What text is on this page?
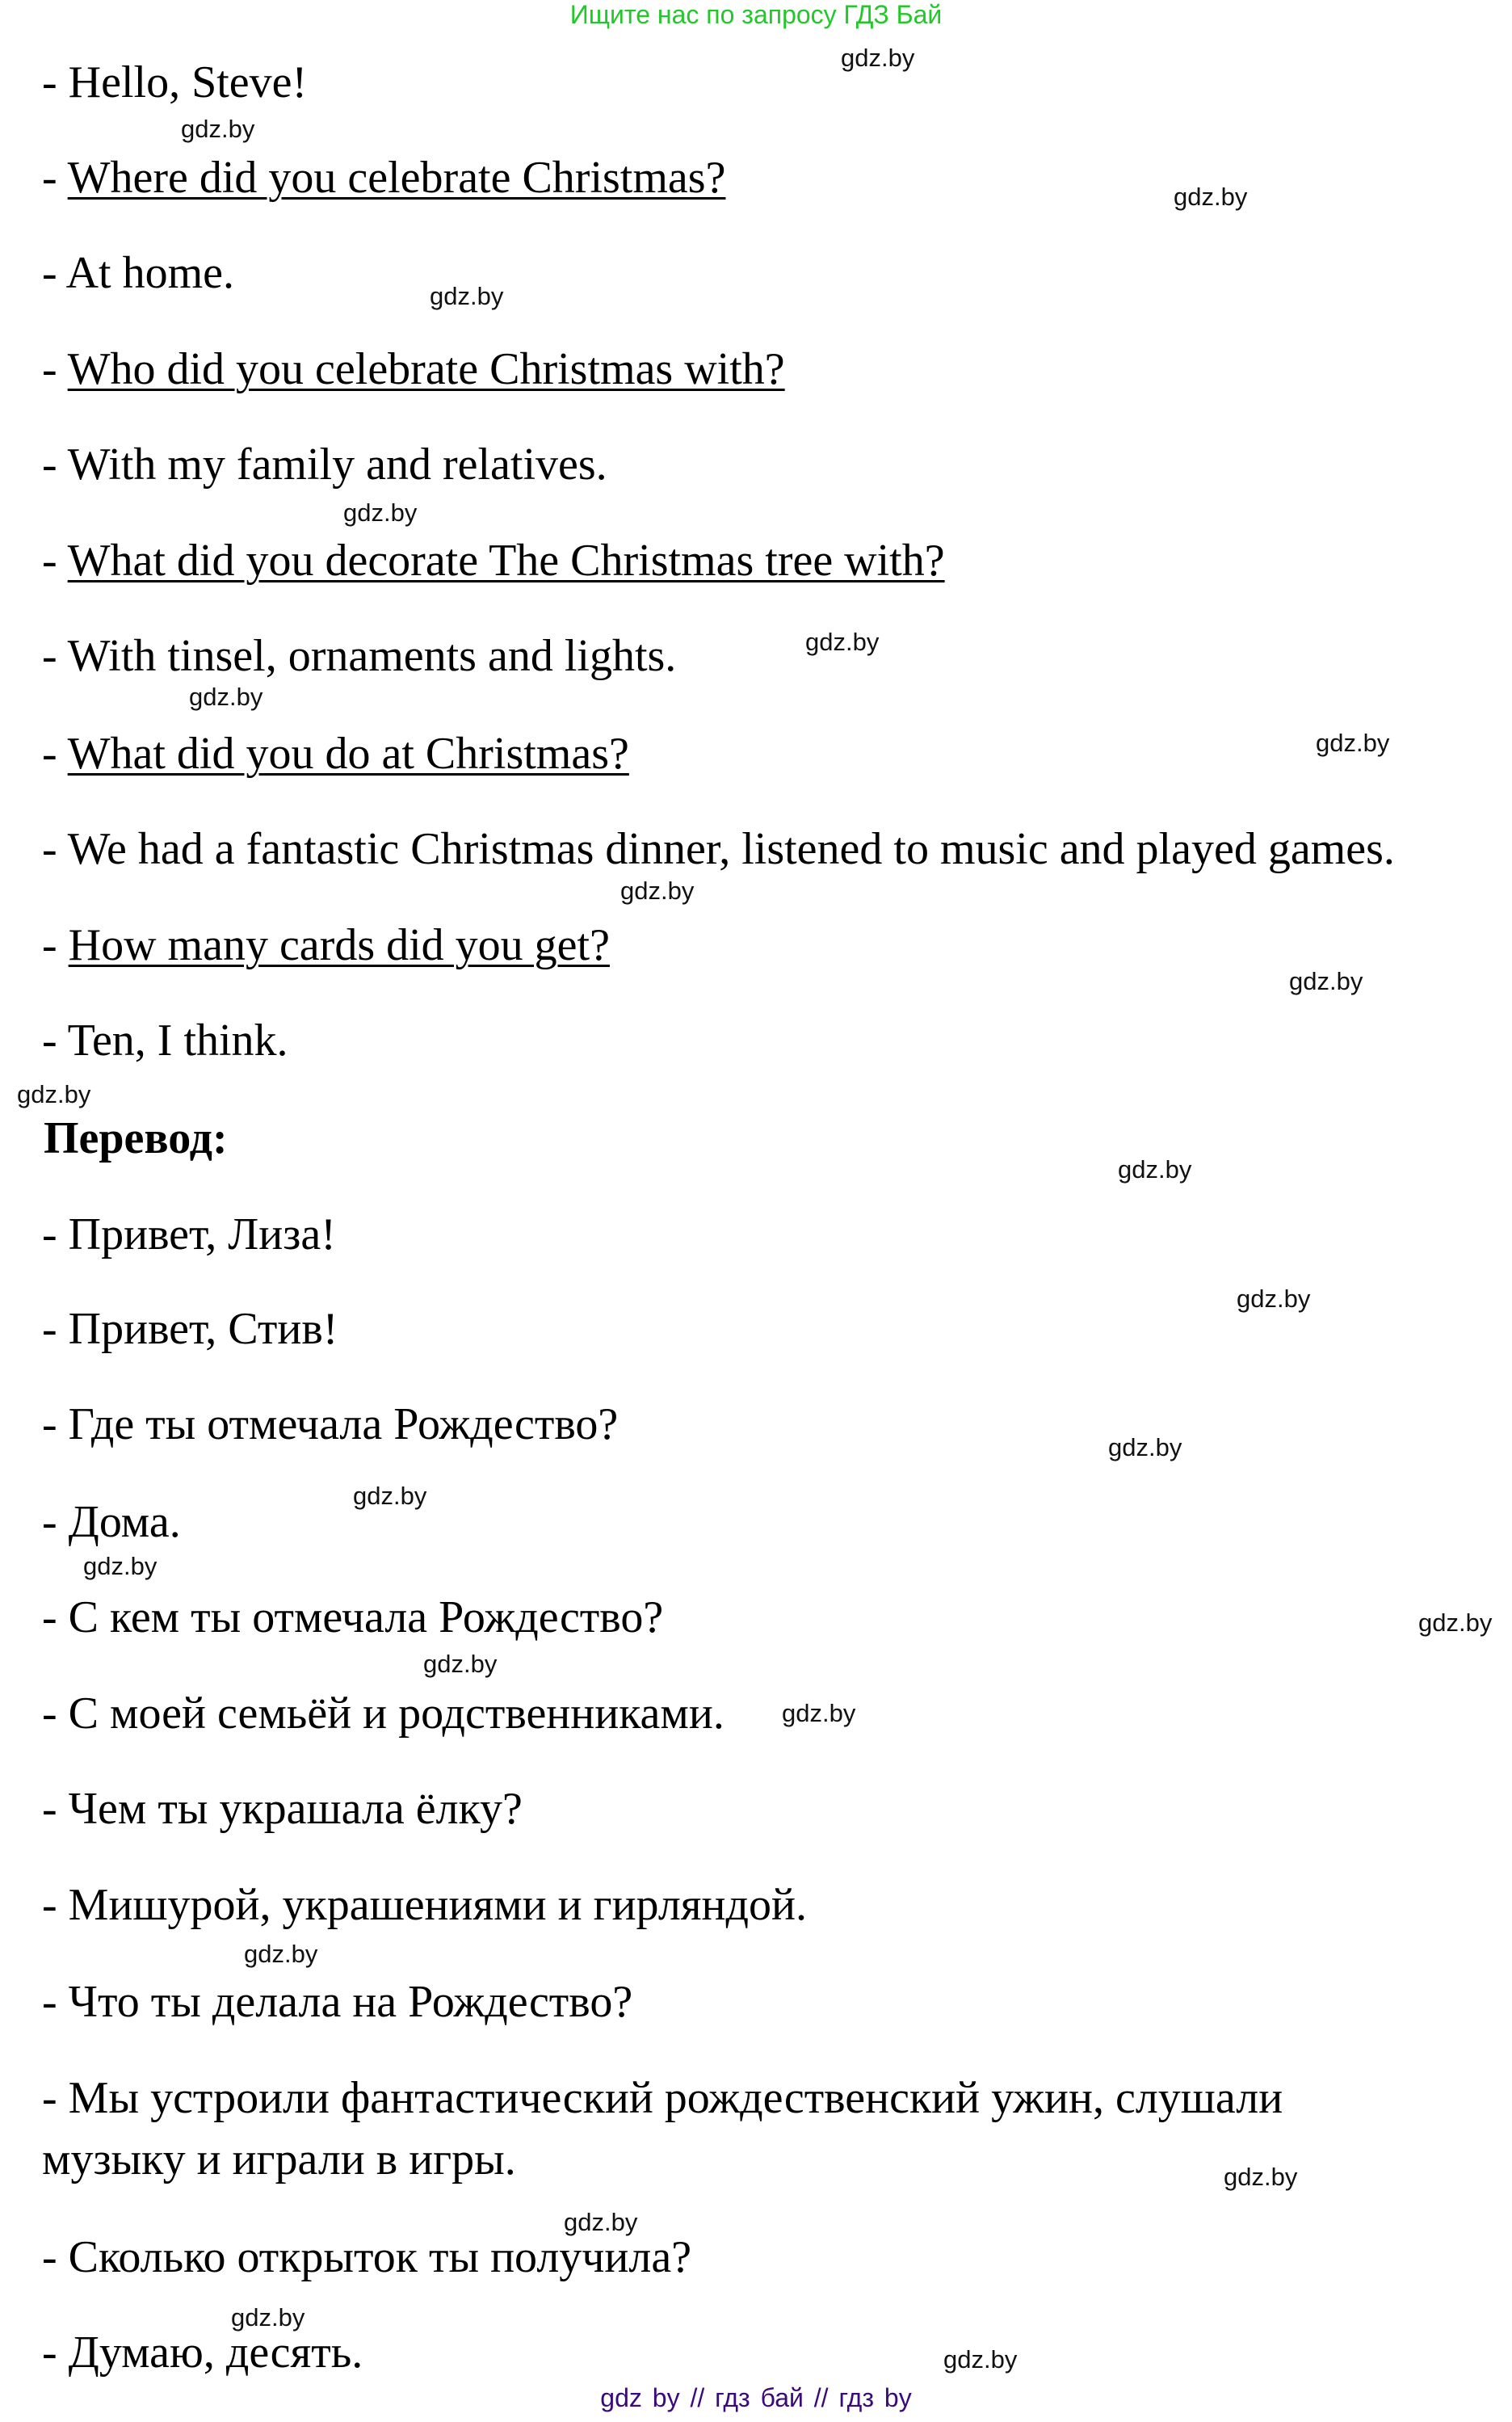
Ищите нас по запросу ГДЗ Бай
- Hello, Steve!
- Where did you celebrate Christmas?
- At home.
- Who did you celebrate Christmas with?
- With my family and relatives.
- What did you decorate The Christmas tree with?
- With tinsel, ornaments and lights.
- What did you do at Christmas?
- We had a fantastic Christmas dinner, listened to music and played games.
- How many cards did you get?
- Ten, I think.
Перевод:
- Привет, Лиза!
- Привет, Стив!
- Где ты отмечала Рождество?
- Дома.
- С кем ты отмечала Рождество?
- С моей семьёй и родственниками.
- Чем ты украшала ёлку?
- Мишурой, украшениями и гирляндой.
- Что ты делала на Рождество?
- Мы устроили фантастический рождественский ужин, слушали
музыку и играли в игры.
- Сколько открыток ты получила?
- Думаю, десять.
gdz.by
gdz.by
gdz.by
gdz.by
gdz.by
gdz.by
gdz.by
gdz.by
gdz.by
gdz.by
gdz.by
gdz.by
gdz.by
gdz.by
gdz.by
gdz.by
gdz.by
gdz.by
gdz.by
gdz.by
gdz.by
gdz.by
gdz.by
gdz.by
gdz by // гдз бай // гдз by
